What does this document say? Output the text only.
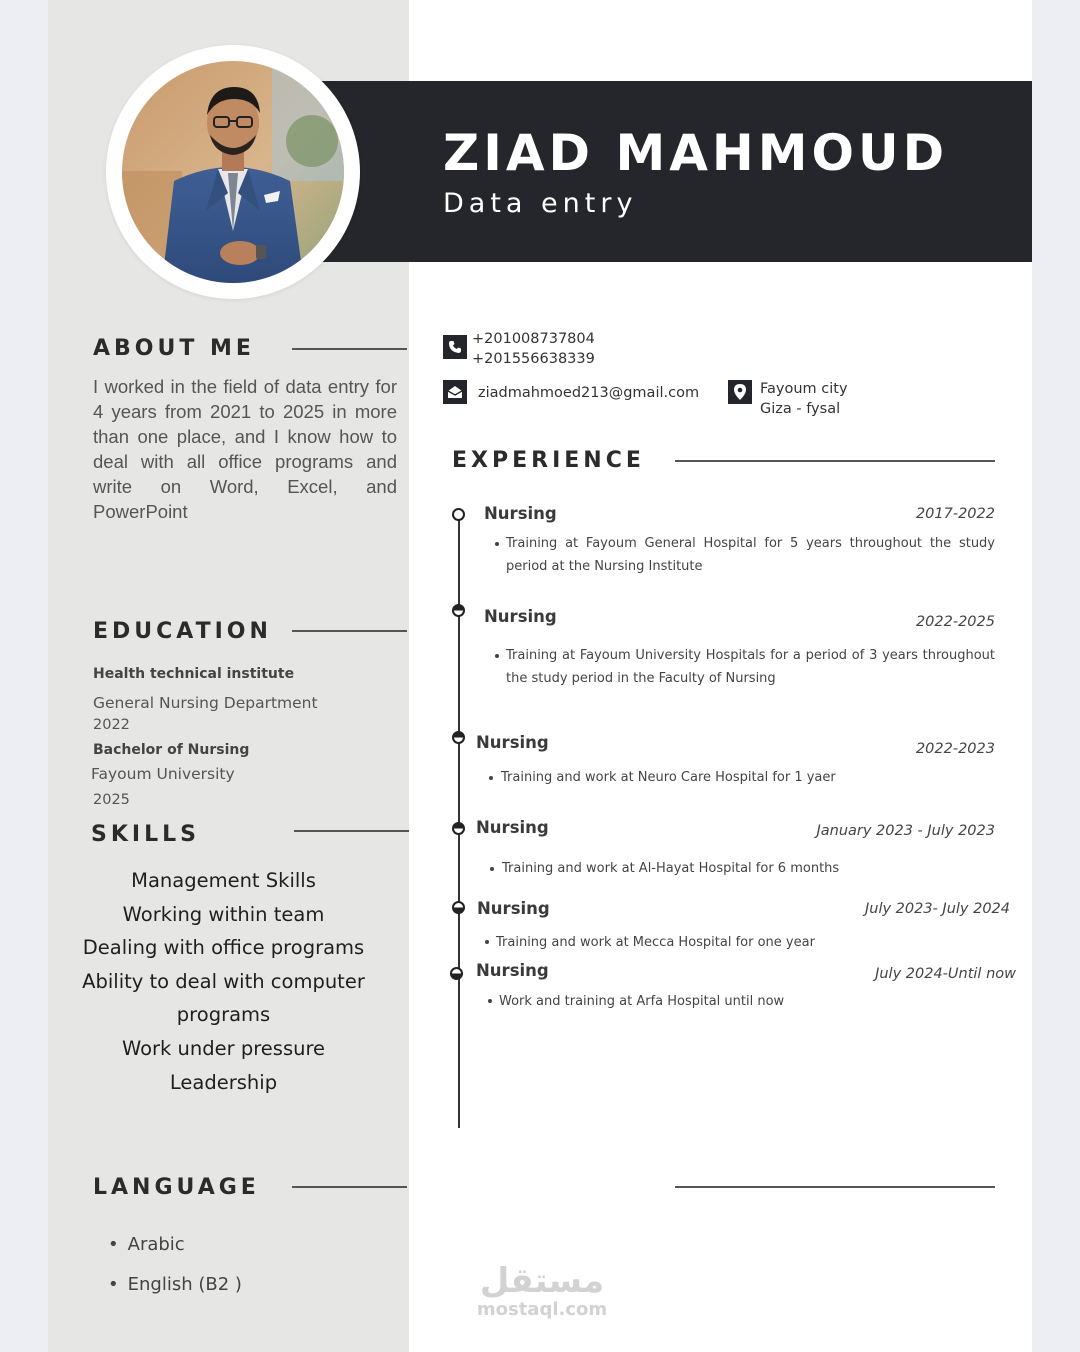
ZIAD MAHMOUD
Data entry
ABOUT ME
I worked in the field of data entry for 4 years from 2021 to 2025 in more than one place, and I know how to deal with all office programs and write on Word, Excel, and PowerPoint
EDUCATION
Health technical institute
General Nursing Department
2022
Bachelor of Nursing
Fayoum University
2025
SKILLS
Management Skills
Working within team
Dealing with office programs
Ability to deal with computer
programs
Work under pressure
Leadership
LANGUAGE
• Arabic
• English (B2 )
+201008737804
+201556638339
ziadmahmoed213@gmail.com	Fayoum city
Giza - fysal
EXPERIENCE
Nursing	2017-2022
Training at Fayoum General Hospital for 5 years throughout the study period at the Nursing Institute
Nursing	2022-2025
Training at Fayoum University Hospitals for a period of 3 years throughout the study period in the Faculty of Nursing
Nursing	2022-2023
Training and work at Neuro Care Hospital for 1 yaer
Nursing	January 2023 - July 2023
Training and work at Al-Hayat Hospital for 6 months
Nursing	July 2023- July 2024
Training and work at Mecca Hospital for one year
Nursing	July 2024-Until now
Work and training at Arfa Hospital until now
مستقل
mostaql.com
